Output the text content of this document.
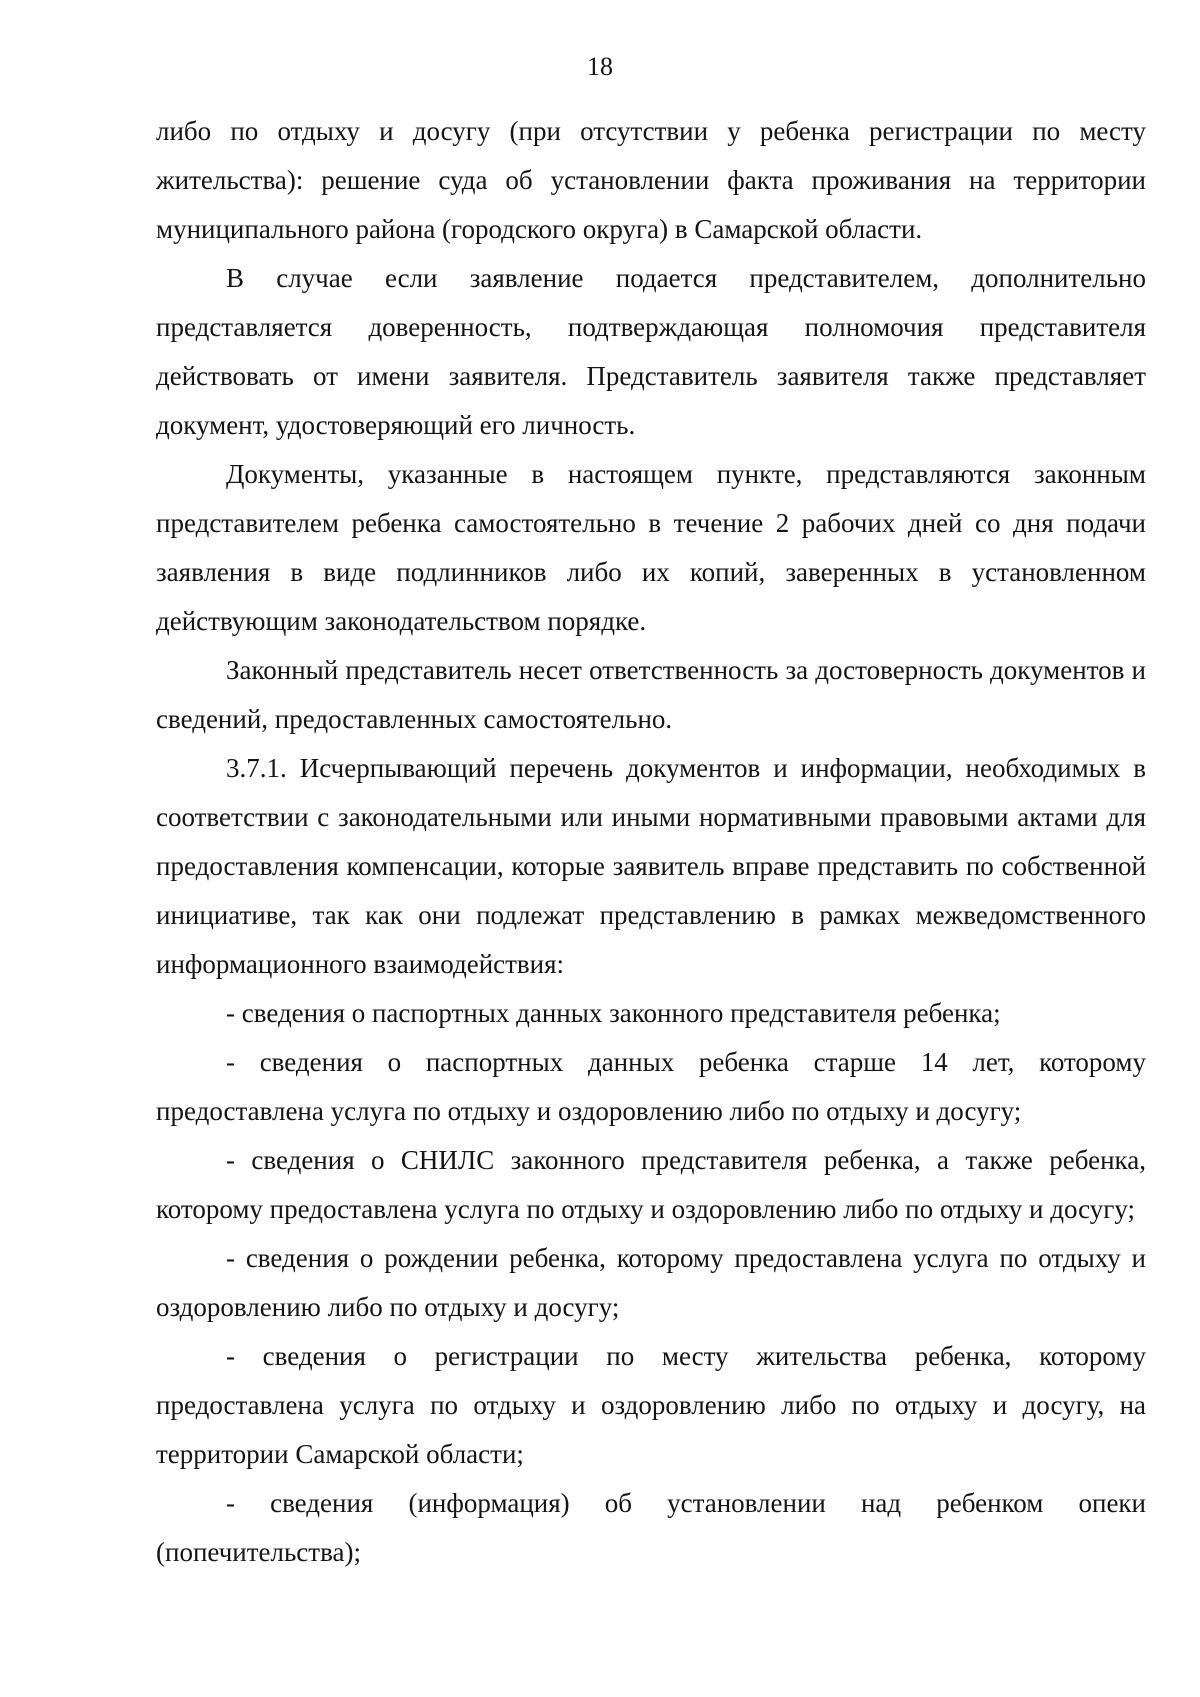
18

либо по отдыху и досугу (при отсутствии у ребенка регистрации по месту жительства): решение суда об установлении факта проживания на территории муниципального района (городского округа) в Самарской области.

В случае если заявление подается представителем, дополнительно представляется доверенность, подтверждающая полномочия представителя действовать от имени заявителя. Представитель заявителя также представляет документ, удостоверяющий его личность.

Документы, указанные в настоящем пункте, представляются законным представителем ребенка самостоятельно в течение 2 рабочих дней со дня подачи заявления в виде подлинников либо их копий, заверенных в установленном действующим законодательством порядке.

Законный представитель несет ответственность за достоверность документов и сведений, предоставленных самостоятельно.

3.7.1. Исчерпывающий перечень документов и информации, необходимых в соответствии с законодательными или иными нормативными правовыми актами для предоставления компенсации, которые заявитель вправе представить по собственной инициативе, так как они подлежат представлению в рамках межведомственного информационного взаимодействия:

- сведения о паспортных данных законного представителя ребенка;

- сведения о паспортных данных ребенка старше 14 лет, которому предоставлена услуга по отдыху и оздоровлению либо по отдыху и досугу;

- сведения о СНИЛС законного представителя ребенка, а также ребенка, которому предоставлена услуга по отдыху и оздоровлению либо по отдыху и досугу;

- сведения о рождении ребенка, которому предоставлена услуга по отдыху и оздоровлению либо по отдыху и досугу;

- сведения о регистрации по месту жительства ребенка, которому предоставлена услуга по отдыху и оздоровлению либо по отдыху и досугу, на территории Самарской области;

- сведения (информация) об установлении над ребенком опеки (попечительства);
